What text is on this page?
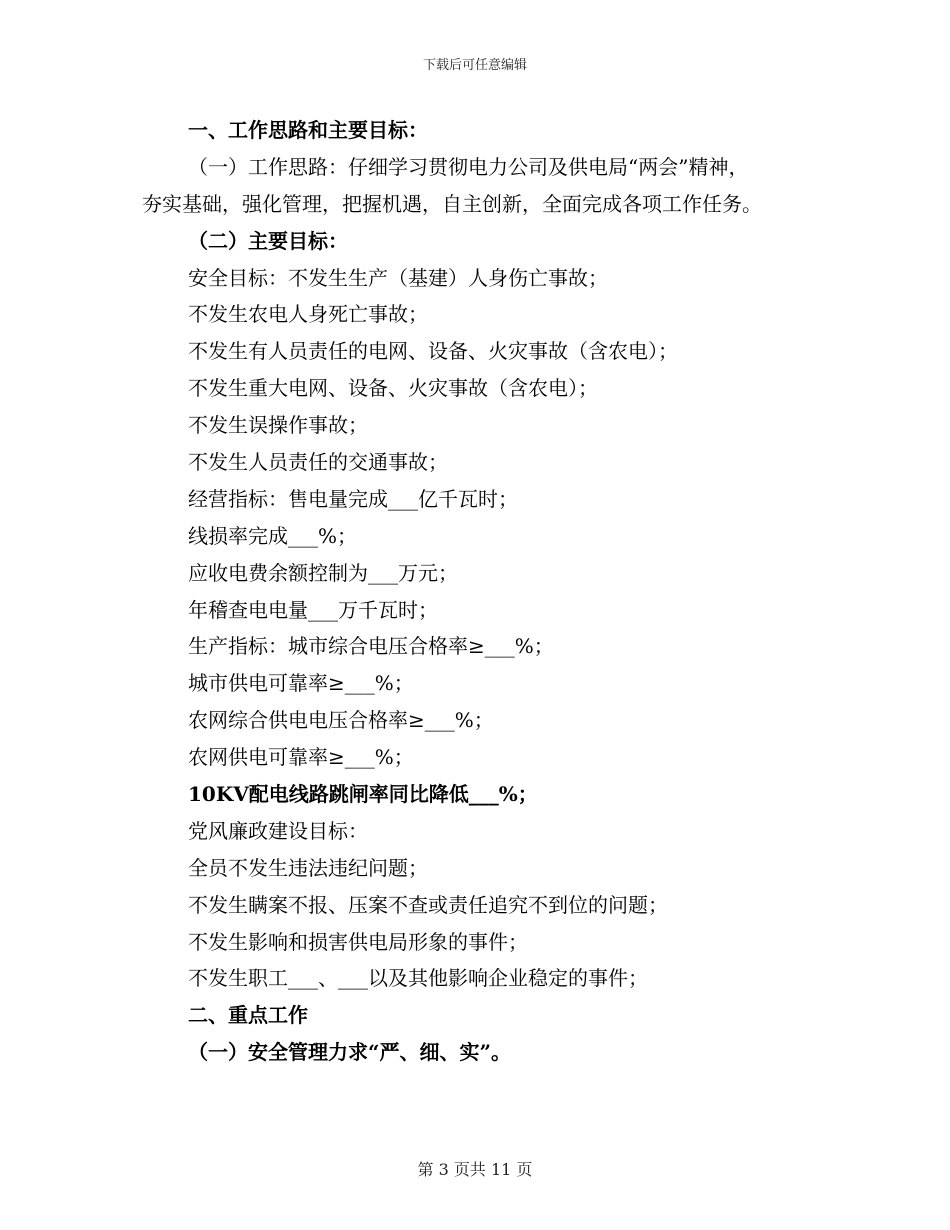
下载后可任意编辑
一、工作思路和主要目标：
（一）工作思路：仔细学习贯彻电力公司及供电局“两会”精神，
夯实基础，强化管理，把握机遇，自主创新，全面完成各项工作任务。
（二）主要目标：
安全目标：不发生生产（基建）人身伤亡事故；
不发生农电人身死亡事故；
不发生有人员责任的电网、设备、火灾事故（含农电）；
不发生重大电网、设备、火灾事故（含农电）；
不发生误操作事故；
不发生人员责任的交通事故；
经营指标：售电量完成___亿千瓦时；
线损率完成___%；
应收电费余额控制为___万元；
年稽查电电量___万千瓦时；
生产指标：城市综合电压合格率≥___%；
城市供电可靠率≥___%；
农网综合供电电压合格率≥___%；
农网供电可靠率≥___%；
10KV配电线路跳闸率同比降低___%；
党风廉政建设目标：
全员不发生违法违纪问题；
不发生瞒案不报、压案不查或责任追究不到位的问题；
不发生影响和损害供电局形象的事件；
不发生职工___、___以及其他影响企业稳定的事件；
二、重点工作
（一）安全管理力求“严、细、实”。
第 3 页共 11 页
